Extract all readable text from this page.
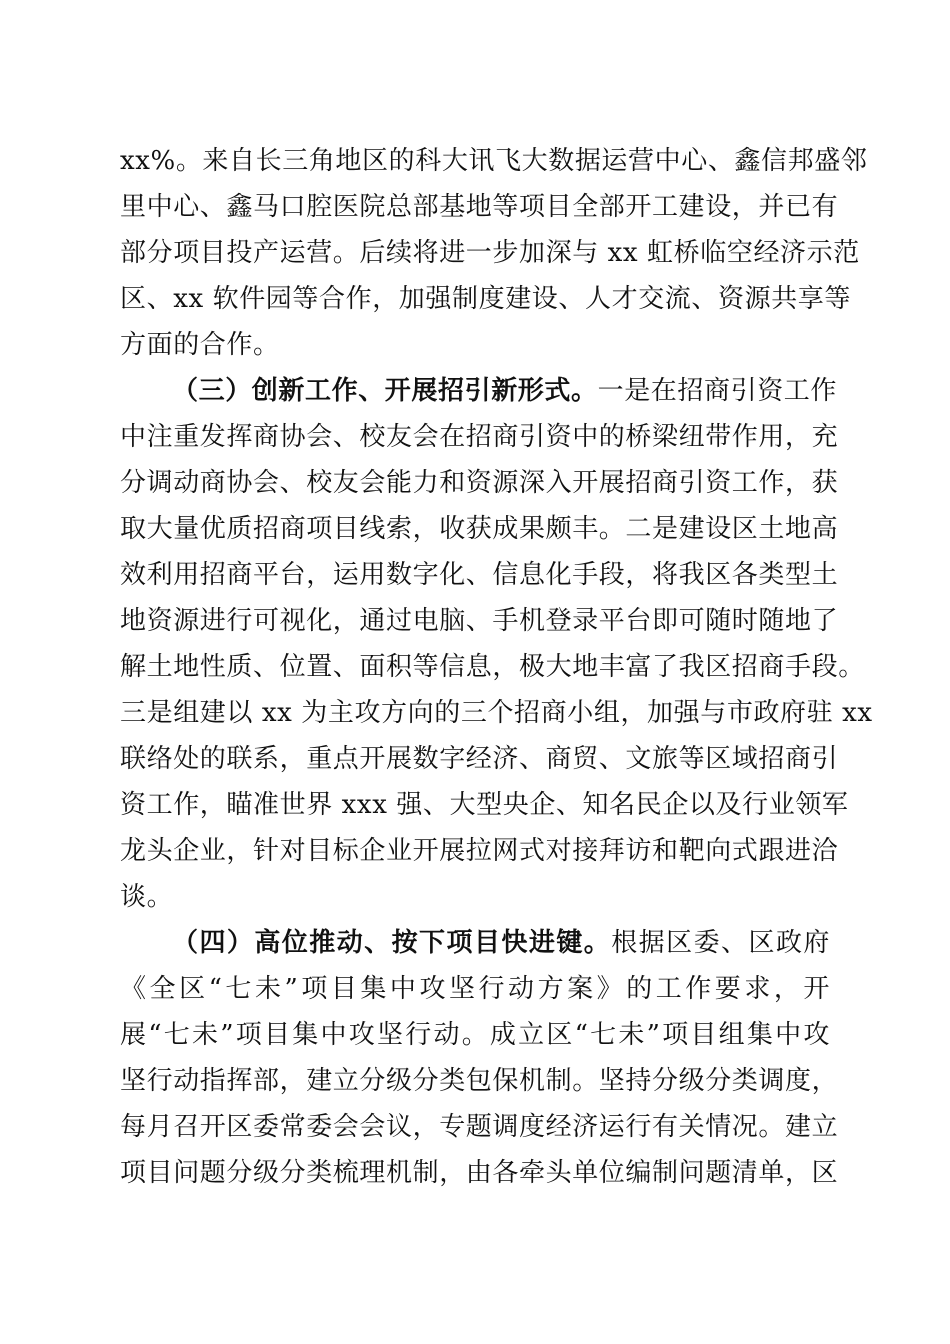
xx%。来自长三角地区的科大讯飞大数据运营中心、鑫信邦盛邻
里中心、鑫马口腔医院总部基地等项目全部开工建设，并已有
部分项目投产运营。后续将进一步加深与 xx 虹桥临空经济示范
区、xx 软件园等合作，加强制度建设、人才交流、资源共享等
方面的合作。
（三）创新工作、开展招引新形式。一是在招商引资工作
中注重发挥商协会、校友会在招商引资中的桥梁纽带作用，充
分调动商协会、校友会能力和资源深入开展招商引资工作，获
取大量优质招商项目线索，收获成果颇丰。二是建设区土地高
效利用招商平台，运用数字化、信息化手段，将我区各类型土
地资源进行可视化，通过电脑、手机登录平台即可随时随地了
解土地性质、位置、面积等信息，极大地丰富了我区招商手段。
三是组建以 xx 为主攻方向的三个招商小组，加强与市政府驻 xx
联络处的联系，重点开展数字经济、商贸、文旅等区域招商引
资工作，瞄准世界 xxx 强、大型央企、知名民企以及行业领军
龙头企业，针对目标企业开展拉网式对接拜访和靶向式跟进洽
谈。
（四）高位推动、按下项目快进键。根据区委、区政府
《全区“七未”项目集中攻坚行动方案》的工作要求，开
展“七未”项目集中攻坚行动。成立区“七未”项目组集中攻
坚行动指挥部，建立分级分类包保机制。坚持分级分类调度，
每月召开区委常委会会议，专题调度经济运行有关情况。建立
项目问题分级分类梳理机制，由各牵头单位编制问题清单，区
